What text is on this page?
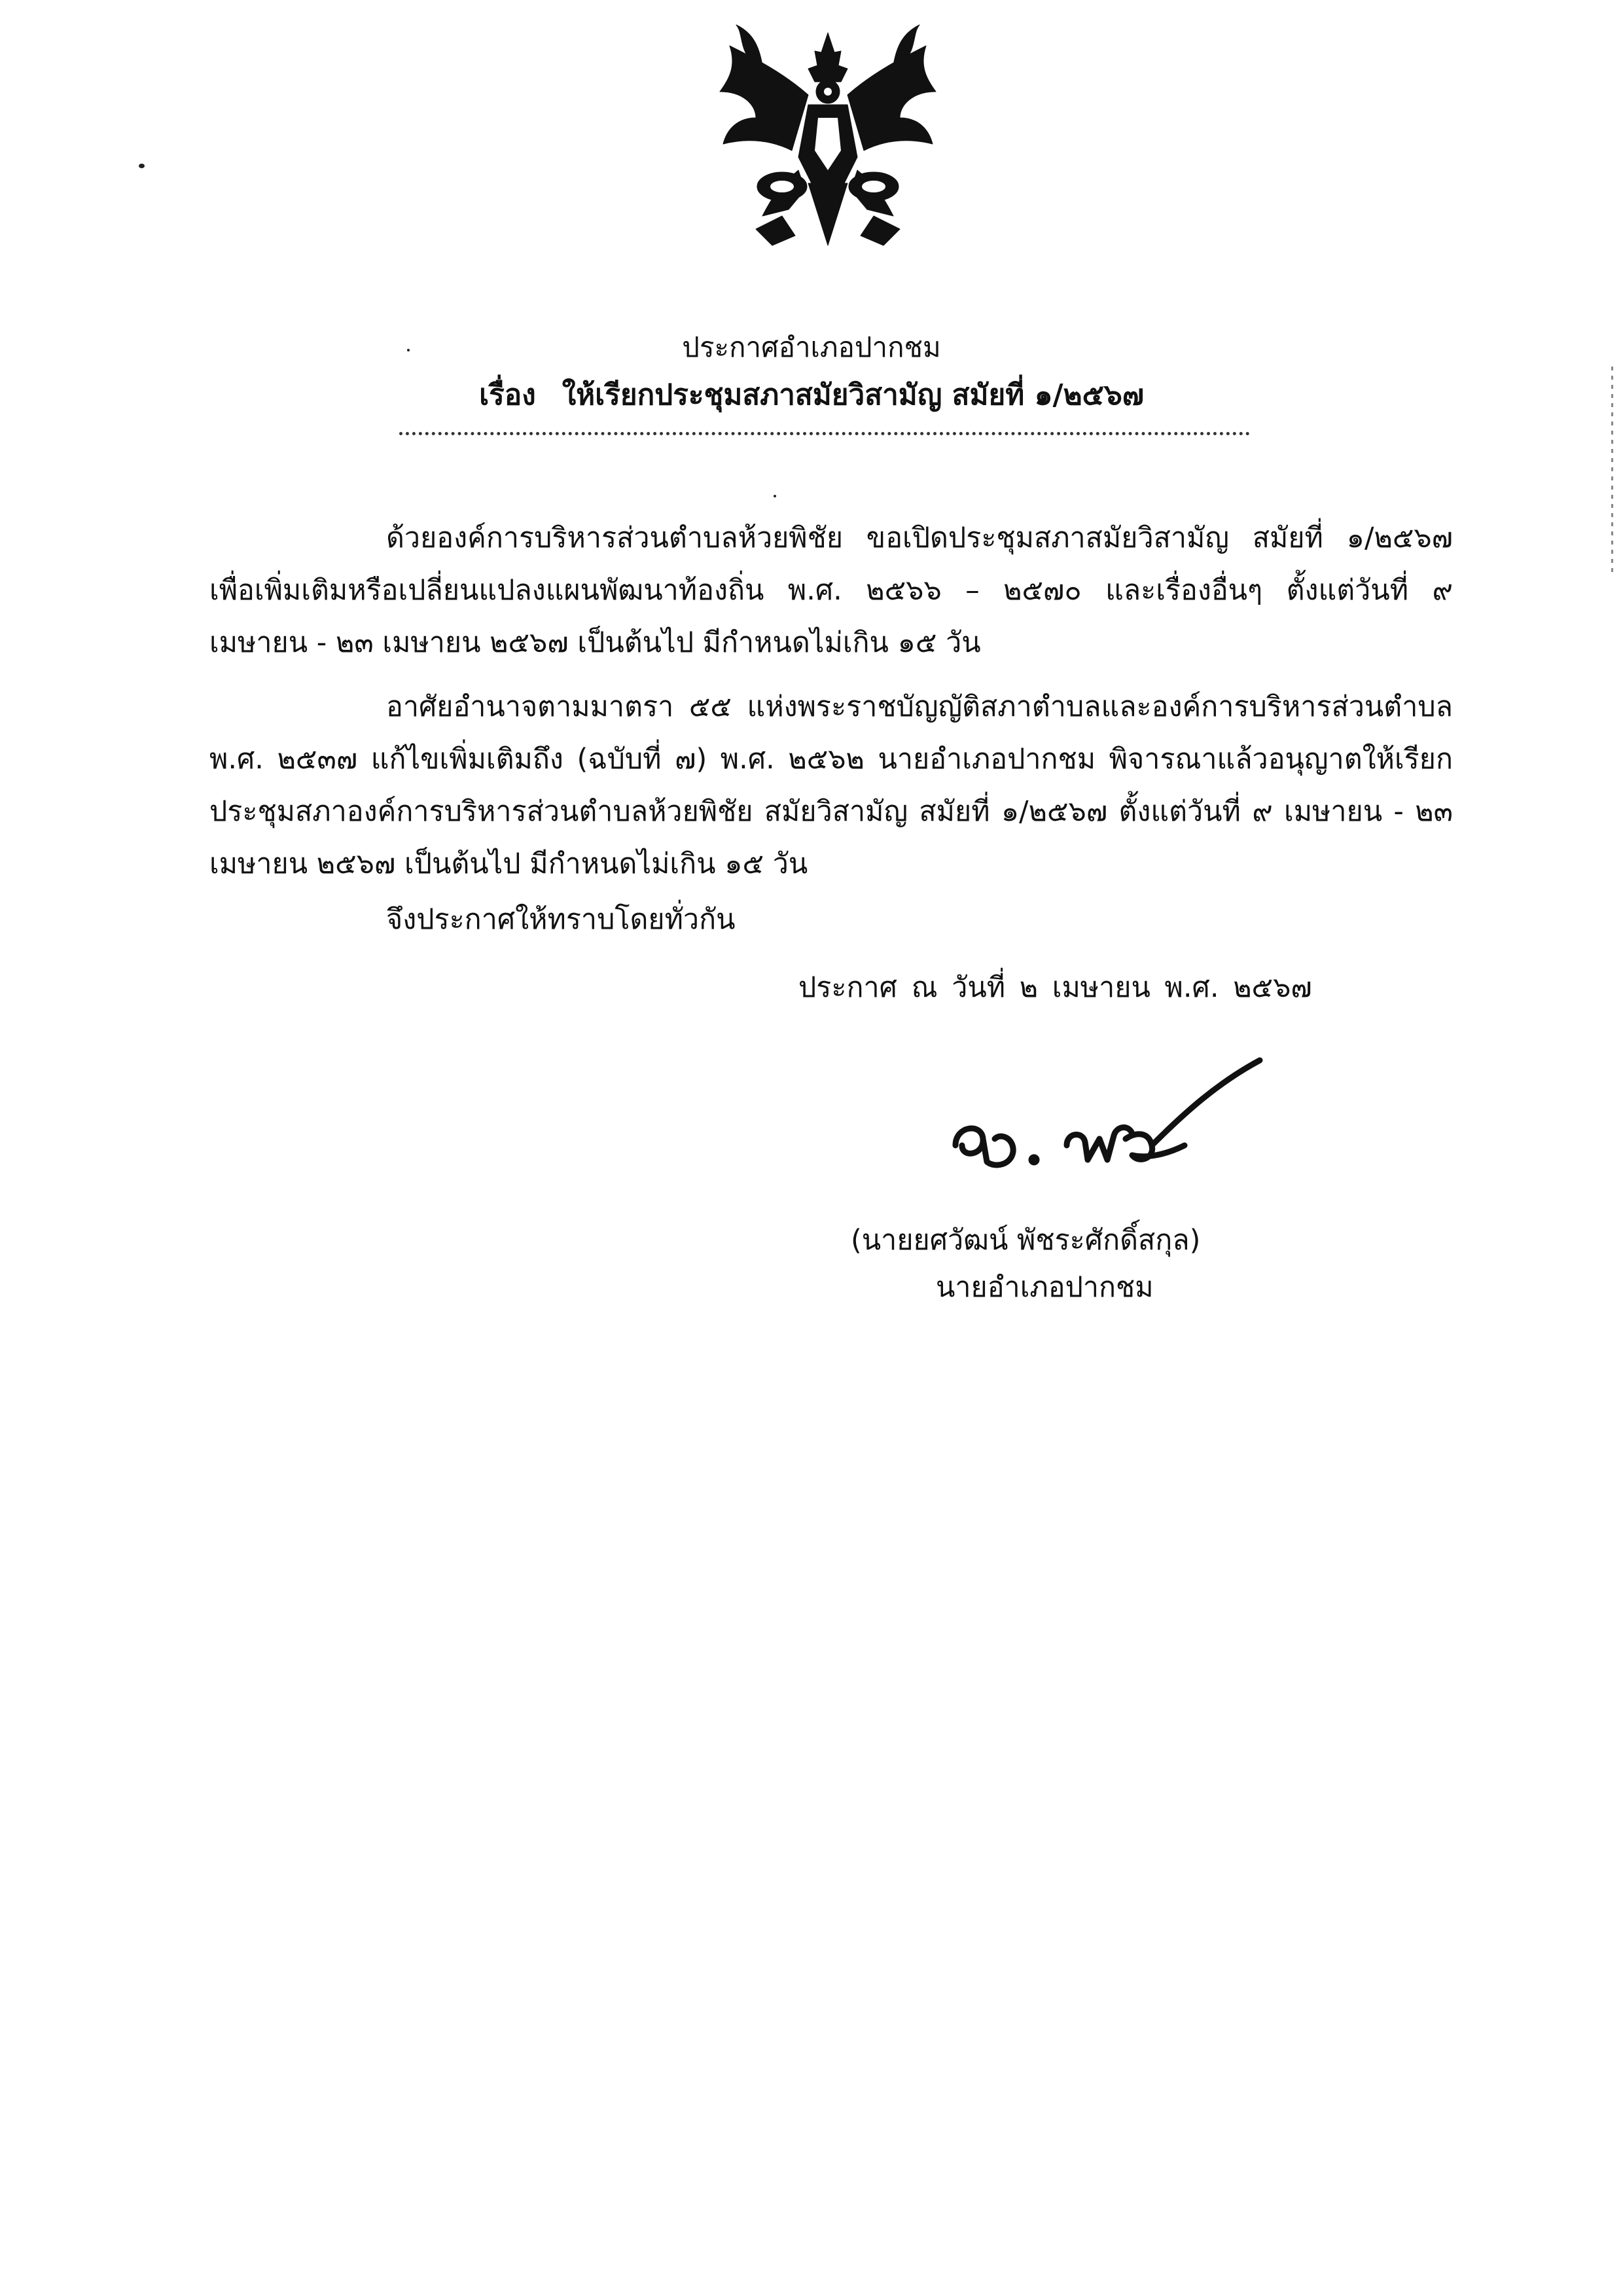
ประกาศอำเภอปากชม
เรื่อง ให้เรียกประชุมสภาสมัยวิสามัญ สมัยที่ ๑/๒๕๖๗

ด้วยองค์การบริหารส่วนตำบลห้วยพิชัย ขอเปิดประชุมสภาสมัยวิสามัญ สมัยที่ ๑/๒๕๖๗ เพื่อเพิ่มเติมหรือเปลี่ยนแปลงแผนพัฒนาท้องถิ่น พ.ศ. ๒๕๖๖ – ๒๕๗๐ และเรื่องอื่นๆ ตั้งแต่วันที่ ๙ เมษายน - ๒๓ เมษายน ๒๕๖๗ เป็นต้นไป มีกำหนดไม่เกิน ๑๕ วัน

อาศัยอำนาจตามมาตรา ๕๕ แห่งพระราชบัญญัติสภาตำบลและองค์การบริหารส่วนตำบล พ.ศ. ๒๕๓๗ แก้ไขเพิ่มเติมถึง (ฉบับที่ ๗) พ.ศ. ๒๕๖๒ นายอำเภอปากชม พิจารณาแล้วอนุญาตให้เรียกประชุมสภาองค์การบริหารส่วนตำบลห้วยพิชัย สมัยวิสามัญ สมัยที่ ๑/๒๕๖๗ ตั้งแต่วันที่ ๙ เมษายน - ๒๓ เมษายน ๒๕๖๗ เป็นต้นไป มีกำหนดไม่เกิน ๑๕ วัน

จึงประกาศให้ทราบโดยทั่วกัน
ประกาศ ณ วันที่ ๒ เมษายน พ.ศ. ๒๕๖๗
(นายยศวัฒน์ พัชระศักดิ์สกุล)
นายอำเภอปากชม
